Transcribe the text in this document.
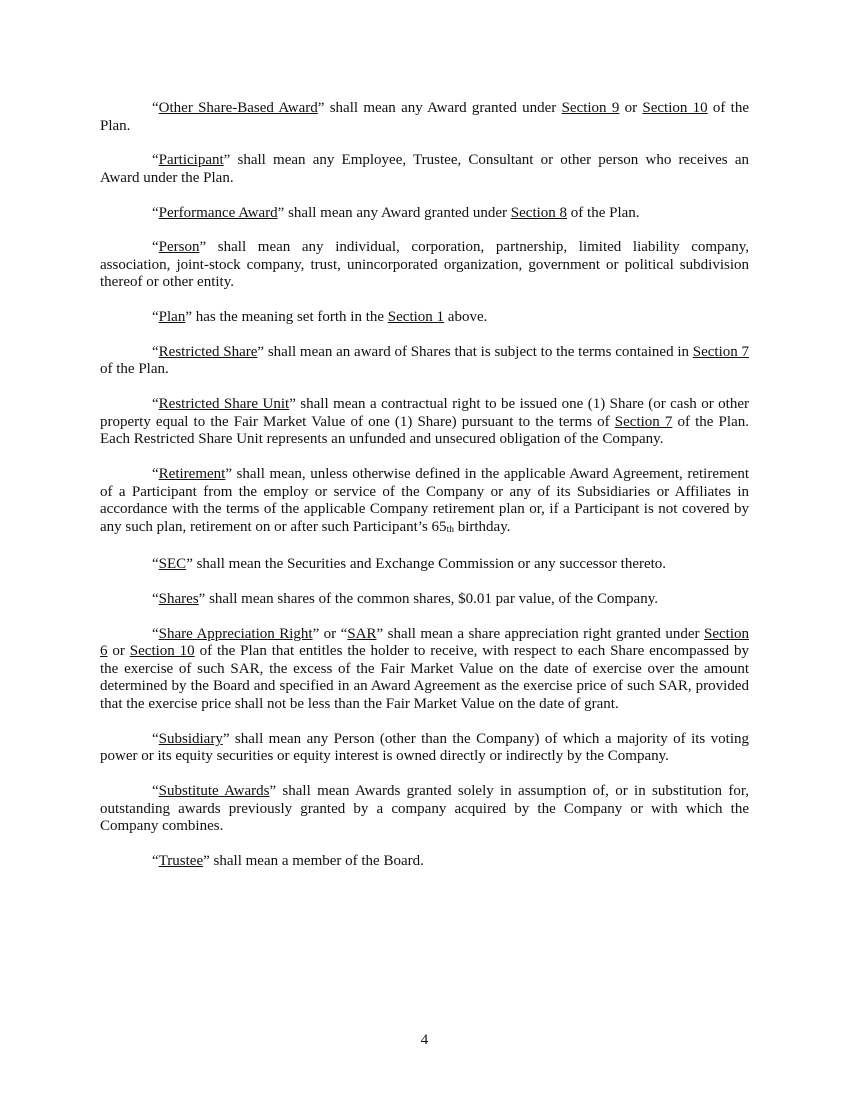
“Other Share-Based Award” shall mean any Award granted under Section 9 or Section 10 of the Plan.

“Participant” shall mean any Employee, Trustee, Consultant or other person who receives an Award under the Plan.

“Performance Award” shall mean any Award granted under Section 8 of the Plan.

“Person” shall mean any individual, corporation, partnership, limited liability company, association, joint-stock company, trust, unincorporated organization, government or political subdivision thereof or other entity.

“Plan” has the meaning set forth in the Section 1 above.

“Restricted Share” shall mean an award of Shares that is subject to the terms contained in Section 7 of the Plan.

“Restricted Share Unit” shall mean a contractual right to be issued one (1) Share (or cash or other property equal to the Fair Market Value of one (1) Share) pursuant to the terms of Section 7 of the Plan. Each Restricted Share Unit represents an unfunded and unsecured obligation of the Company.

“Retirement” shall mean, unless otherwise defined in the applicable Award Agreement, retirement of a Participant from the employ or service of the Company or any of its Subsidiaries or Affiliates in accordance with the terms of the applicable Company retirement plan or, if a Participant is not covered by any such plan, retirement on or after such Participant’s 65th birthday.

“SEC” shall mean the Securities and Exchange Commission or any successor thereto.

“Shares” shall mean shares of the common shares, $0.01 par value, of the Company.

“Share Appreciation Right” or “SAR” shall mean a share appreciation right granted under Section 6 or Section 10 of the Plan that entitles the holder to receive, with respect to each Share encompassed by the exercise of such SAR, the excess of the Fair Market Value on the date of exercise over the amount determined by the Board and specified in an Award Agreement as the exercise price of such SAR, provided that the exercise price shall not be less than the Fair Market Value on the date of grant.

“Subsidiary” shall mean any Person (other than the Company) of which a majority of its voting power or its equity securities or equity interest is owned directly or indirectly by the Company.

“Substitute Awards” shall mean Awards granted solely in assumption of, or in substitution for, outstanding awards previously granted by a company acquired by the Company or with which the Company combines.

“Trustee” shall mean a member of the Board.

4
